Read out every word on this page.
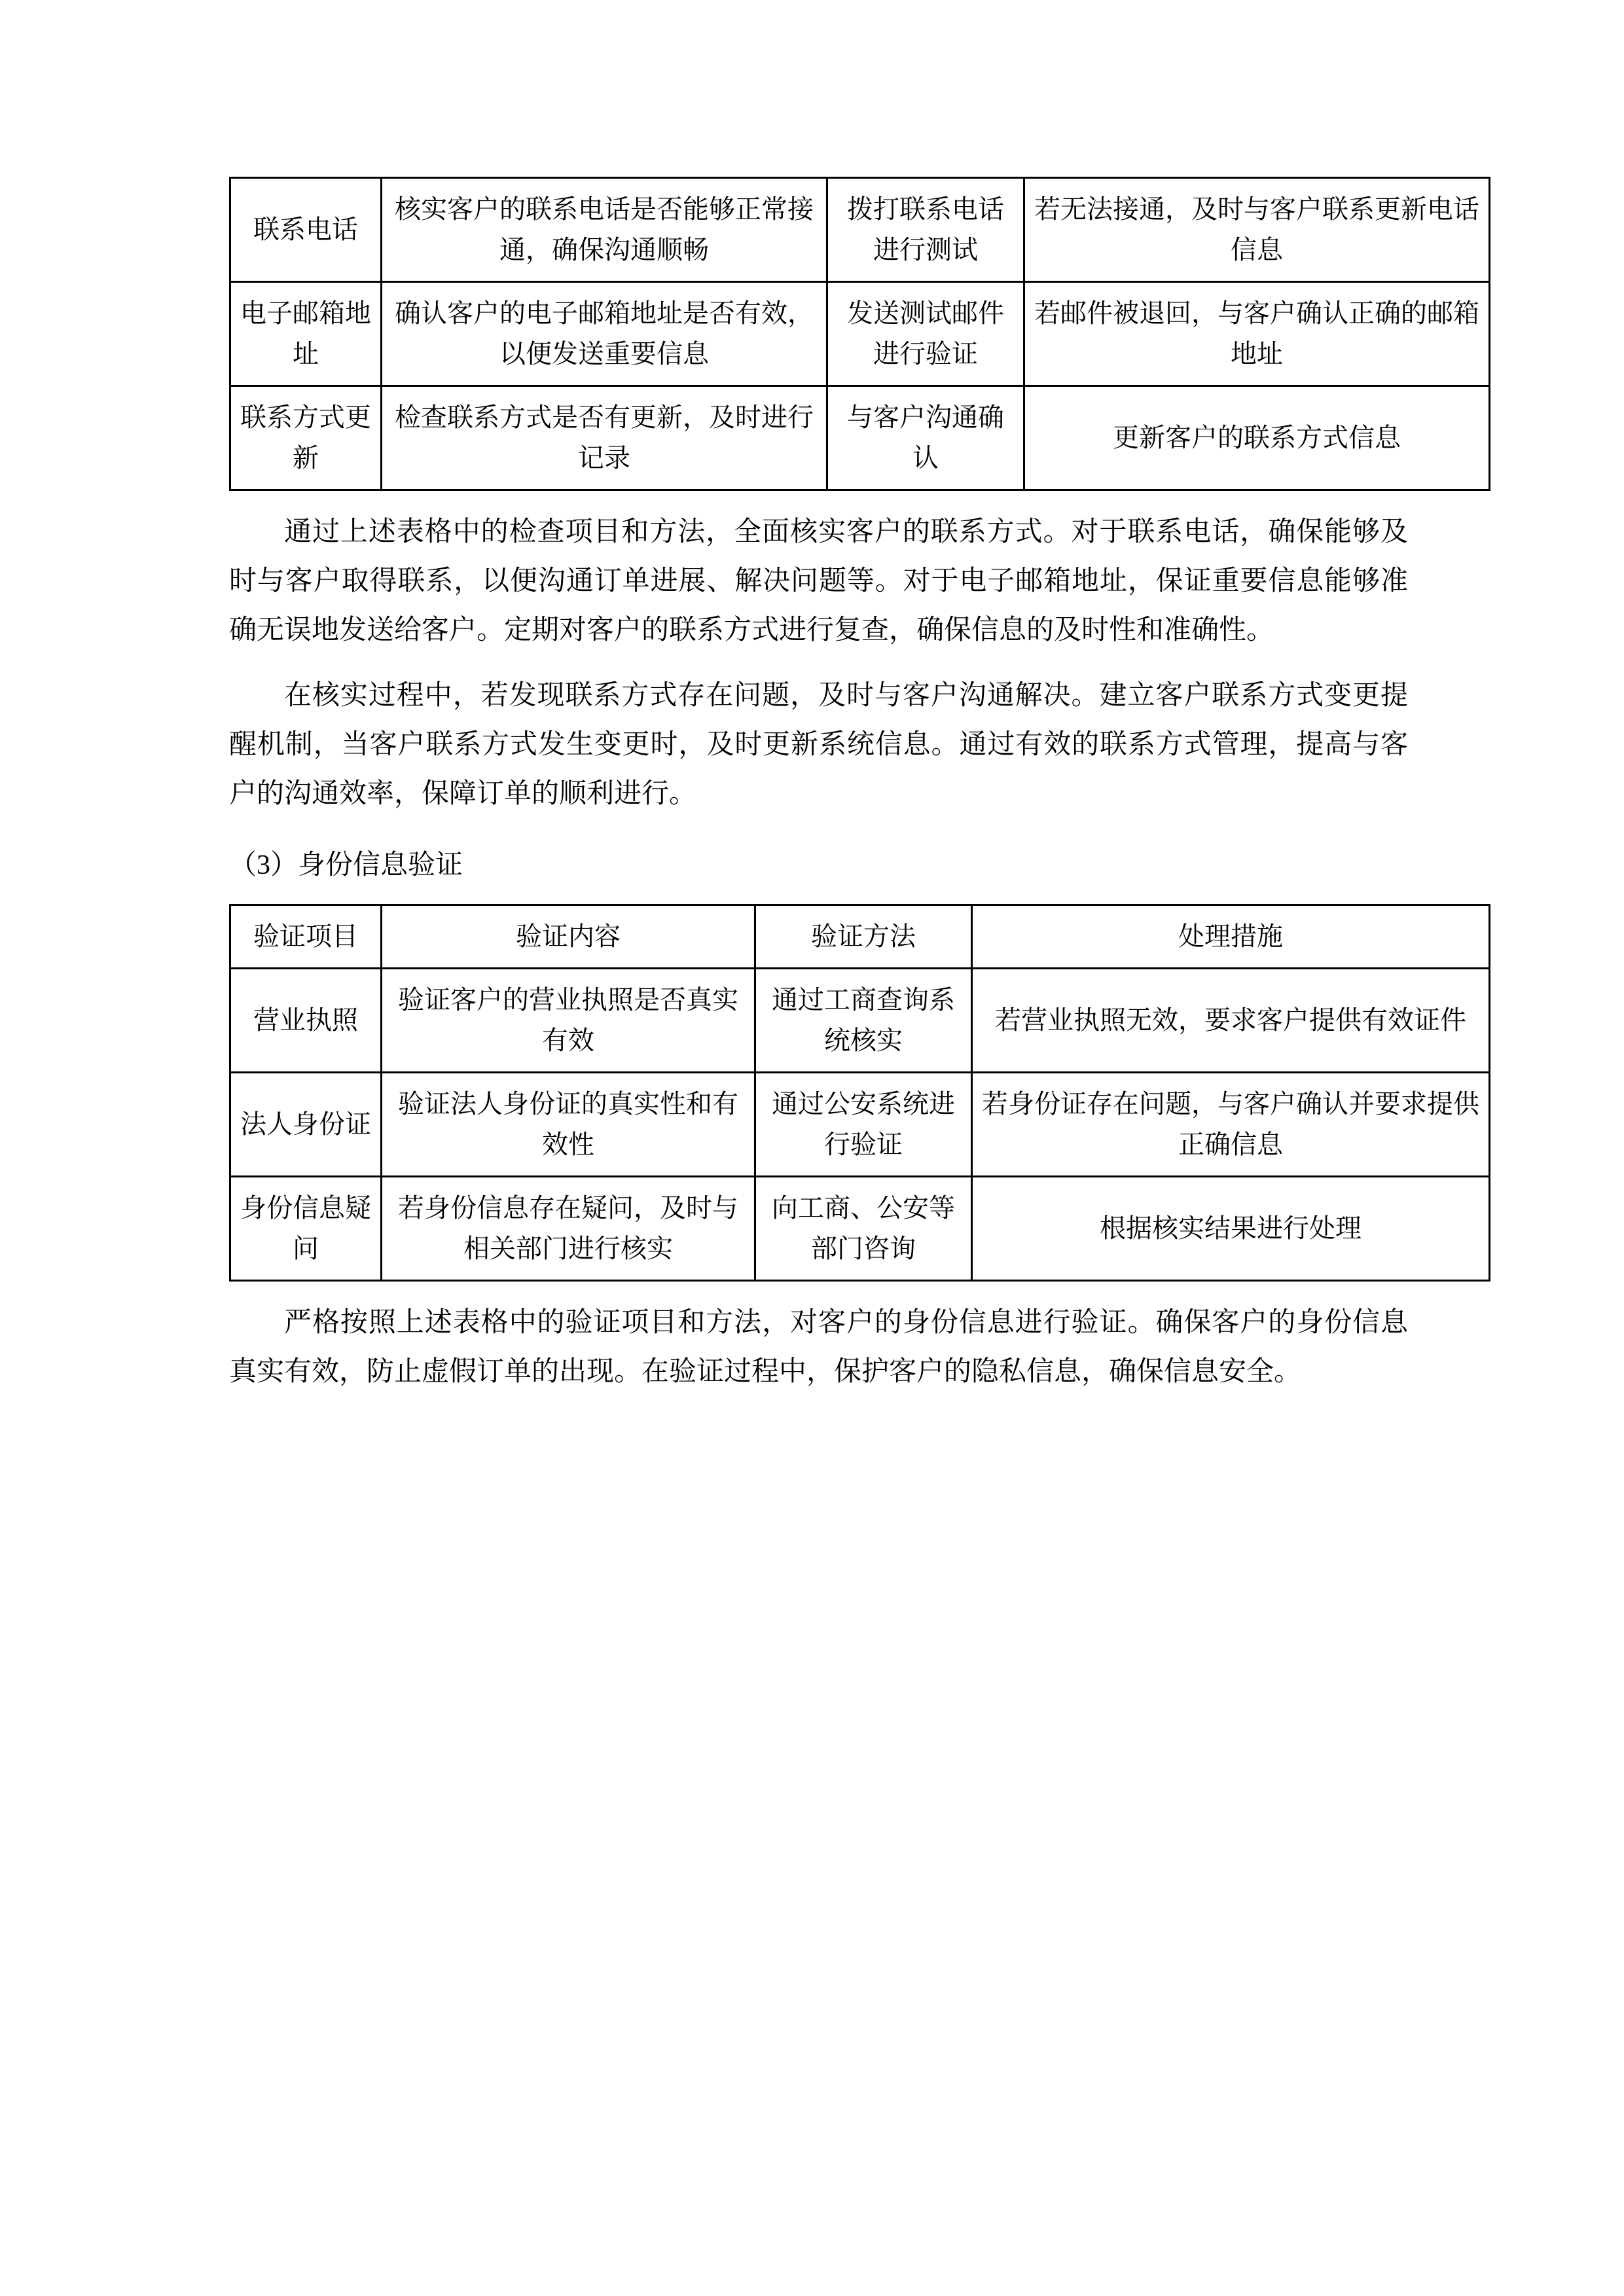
联系电话	核实客户的联系电话是否能够正常接通，确保沟通顺畅	拨打联系电话进行测试	若无法接通，及时与客户联系更新电话信息
电子邮箱地址	确认客户的电子邮箱地址是否有效，以便发送重要信息	发送测试邮件进行验证	若邮件被退回，与客户确认正确的邮箱地址
联系方式更新	检查联系方式是否有更新，及时进行记录	与客户沟通确认	更新客户的联系方式信息

通过上述表格中的检查项目和方法，全面核实客户的联系方式。对于联系电话，确保能够及时与客户取得联系，以便沟通订单进展、解决问题等。对于电子邮箱地址，保证重要信息能够准确无误地发送给客户。定期对客户的联系方式进行复查，确保信息的及时性和准确性。

在核实过程中，若发现联系方式存在问题，及时与客户沟通解决。建立客户联系方式变更提醒机制，当客户联系方式发生变更时，及时更新系统信息。通过有效的联系方式管理，提高与客户的沟通效率，保障订单的顺利进行。

（3）身份信息验证

验证项目	验证内容	验证方法	处理措施
营业执照	验证客户的营业执照是否真实有效	通过工商查询系统核实	若营业执照无效，要求客户提供有效证件
法人身份证	验证法人身份证的真实性和有效性	通过公安系统进行验证	若身份证存在问题，与客户确认并要求提供正确信息
身份信息疑问	若身份信息存在疑问，及时与相关部门进行核实	向工商、公安等部门咨询	根据核实结果进行处理

严格按照上述表格中的验证项目和方法，对客户的身份信息进行验证。确保客户的身份信息真实有效，防止虚假订单的出现。在验证过程中，保护客户的隐私信息，确保信息安全。
